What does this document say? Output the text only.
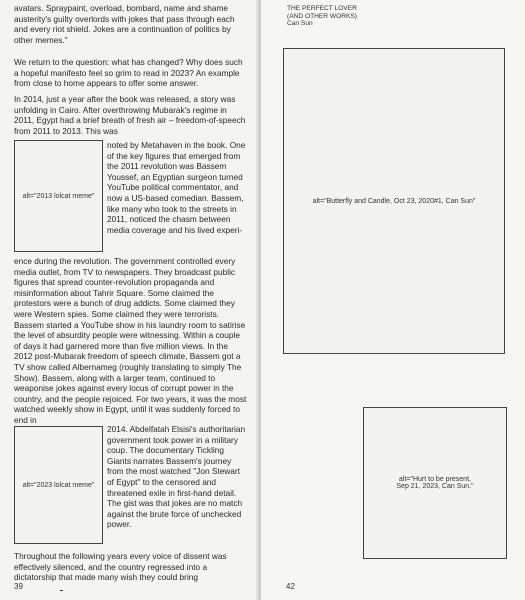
avatars. Spraypaint, overload, bombard, name and shame austerity's guilty overlords with jokes that pass through each and every riot shield. Jokes are a continuation of politics by other memes."

We return to the question: what has changed? Why does such a hopeful manifesto feel so grim to read in 2023? An example from close to home appears to offer some answer.

In 2014, just a year after the book was released, a story was unfolding in Cairo. After overthrowing Mubarak's regime in 2011, Egypt had a brief breath of fresh air – freedom-of-speech from 2011 to 2013. This was

alt="2013 lolcat meme"

noted by Metahaven in the book. One of the key figures that emerged from the 2011 revolution was Bassem Youssef, an Egyptian surgeon turned YouTube political commentator, and now a US-based comedian. Bassem, like many who took to the streets in 2011, noticed the chasm between media coverage and his lived experi-

ence during the revolution. The government controlled every media outlet, from TV to newspapers. They broadcast public figures that spread counter-revolution propaganda and misinformation about Tahrir Square. Some claimed the protestors were a bunch of drug addicts. Some claimed they were Western spies. Some claimed they were terrorists. Bassem started a YouTube show in his laundry room to satirise the level of absurdity people were witnessing. Within a couple of days it had garnered more than five million views. In the 2012 post-Mubarak freedom of speech climate, Bassem got a TV show called Albernameg (roughly translating to simply The Show). Bassem, along with a larger team, continued to weaponise jokes against every locus of corrupt power in the country, and the people rejoiced. For two years, it was the most watched weekly show in Egypt, until it was suddenly forced to end in

alt="2023 lolcat meme"

2014. Abdelfatah Elsisi's authoritarian government took power in a military coup. The documentary Tickling Giants narrates Bassem's journey from the most watched "Jon Stewart of Egypt" to the censored and threatened exile in first-hand detail. The gist was that jokes are no match against the brute force of unchecked power.

Throughout the following years every voice of dissent was effectively silenced, and the country regressed into a dictatorship that made many wish they could bring

39
THE PERFECT LOVER
(AND OTHER WORKS)
Can Sun
alt="Butterfly and Candle, Oct 23, 2020#1, Can Sun"
alt="Hurt to be present,
Sep 21, 2023, Can Sun."
42
